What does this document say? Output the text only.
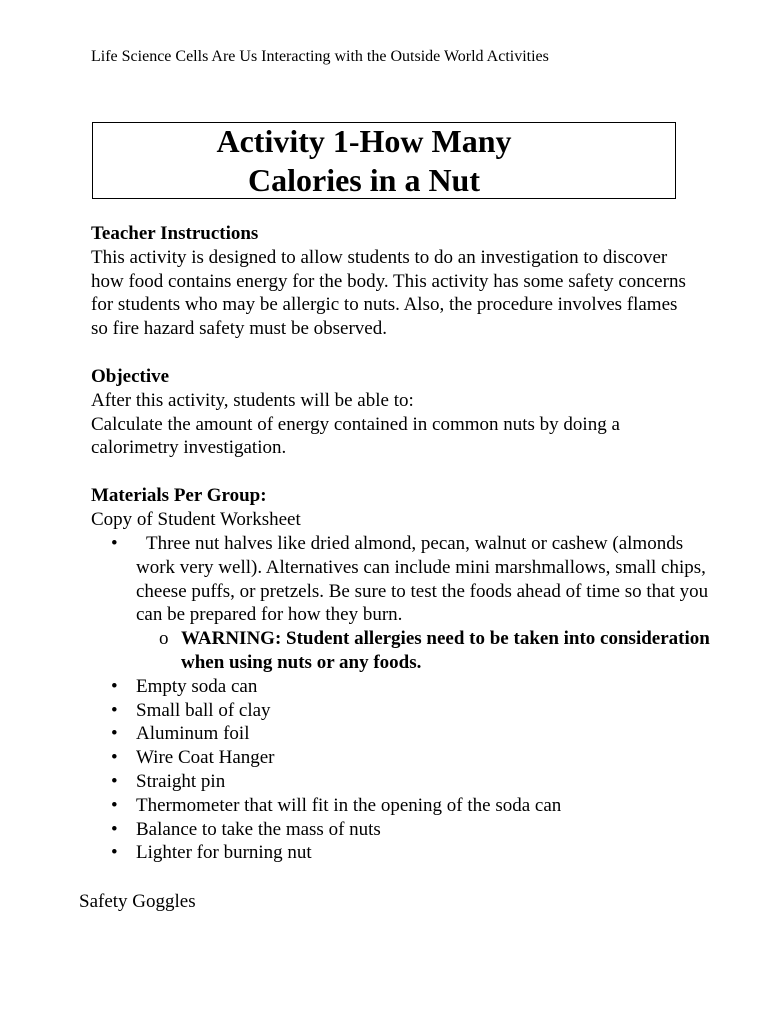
Life Science Cells Are Us Interacting with the Outside World Activities
Activity 1-How Many
Calories in a Nut
Teacher Instructions
This activity is designed to allow students to do an investigation to discover how food contains energy for the body. This activity has some safety concerns for students who may be allergic to nuts. Also, the procedure involves flames so fire hazard safety must be observed.
Objective
After this activity, students will be able to:
Calculate the amount of energy contained in common nuts by doing a calorimetry investigation.
Materials Per Group:
Copy of Student Worksheet
•	Three nut halves like dried almond, pecan, walnut or cashew (almonds work very well). Alternatives can include mini marshmallows, small chips, cheese puffs, or pretzels. Be sure to test the foods ahead of time so that you can be prepared for how they burn.
o WARNING: Student allergies need to be taken into consideration when using nuts or any foods.
• Empty soda can
• Small ball of clay
• Aluminum foil
• Wire Coat Hanger
• Straight pin
• Thermometer that will fit in the opening of the soda can
• Balance to take the mass of nuts
• Lighter for burning nut
Safety Goggles
